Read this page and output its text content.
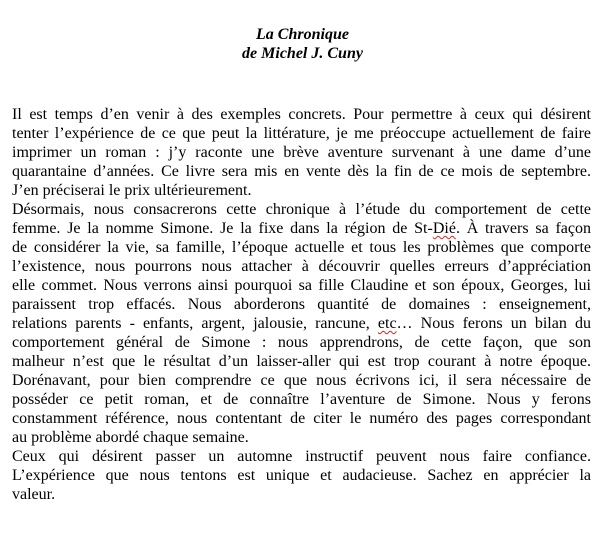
La Chronique
de Michel J. Cuny
Il est temps d’en venir à des exemples concrets. Pour permettre à ceux qui désirent
tenter l’expérience de ce que peut la littérature, je me préoccupe actuellement de faire
imprimer un roman : j’y raconte une brève aventure survenant à une dame d’une
quarantaine d’années. Ce livre sera mis en vente dès la fin de ce mois de septembre.
J’en préciserai le prix ultérieurement.
Désormais, nous consacrerons cette chronique à l’étude du comportement de cette
femme. Je la nomme Simone. Je la fixe dans la région de St-Dié. À travers sa façon
de considérer la vie, sa famille, l’époque actuelle et tous les problèmes que comporte
l’existence, nous pourrons nous attacher à découvrir quelles erreurs d’appréciation
elle commet. Nous verrons ainsi pourquoi sa fille Claudine et son époux, Georges, lui
paraissent trop effacés. Nous aborderons quantité de domaines : enseignement,
relations parents - enfants, argent, jalousie, rancune, etc… Nous ferons un bilan du
comportement général de Simone : nous apprendrons, de cette façon, que son
malheur n’est que le résultat d’un laisser-aller qui est trop courant à notre époque.
Dorénavant, pour bien comprendre ce que nous écrivons ici, il sera nécessaire de
posséder ce petit roman, et de connaître l’aventure de Simone. Nous y ferons
constamment référence, nous contentant de citer le numéro des pages correspondant
au problème abordé chaque semaine.
Ceux qui désirent passer un automne instructif peuvent nous faire confiance.
L’expérience que nous tentons est unique et audacieuse. Sachez en apprécier la
valeur.
